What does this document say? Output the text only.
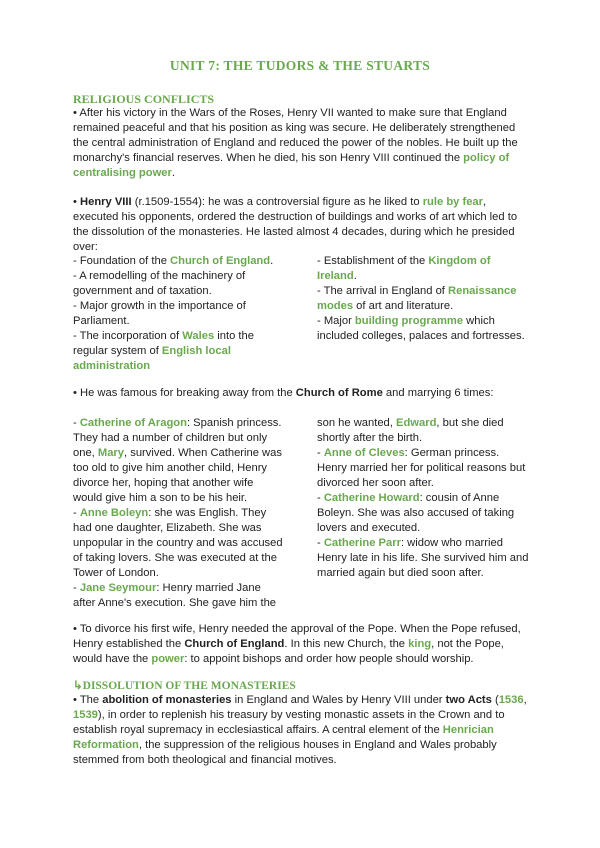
UNIT 7: THE TUDORS & THE STUARTS
RELIGIOUS CONFLICTS
• After his victory in the Wars of the Roses, Henry VII wanted to make sure that England remained peaceful and that his position as king was secure. He deliberately strengthened the central administration of England and reduced the power of the nobles. He built up the monarchy's financial reserves. When he died, his son Henry VIII continued the policy of centralising power.
• Henry VIII (r.1509-1554): he was a controversial figure as he liked to rule by fear, executed his opponents, ordered the destruction of buildings and works of art which led to the dissolution of the monasteries. He lasted almost 4 decades, during which he presided over:
- Foundation of the Church of England.
- A remodelling of the machinery of government and of taxation.
- Major growth in the importance of Parliament.
- The incorporation of Wales into the regular system of English local administration
- Establishment of the Kingdom of Ireland.
- The arrival in England of Renaissance modes of art and literature.
- Major building programme which included colleges, palaces and fortresses.
• He was famous for breaking away from the Church of Rome and marrying 6 times:
- Catherine of Aragon: Spanish princess. They had a number of children but only one, Mary, survived. When Catherine was too old to give him another child, Henry divorce her, hoping that another wife would give him a son to be his heir.
- Anne Boleyn: she was English. They had one daughter, Elizabeth. She was unpopular in the country and was accused of taking lovers. She was executed at the Tower of London.
- Jane Seymour: Henry married Jane after Anne's execution. She gave him the
son he wanted, Edward, but she died shortly after the birth.
- Anne of Cleves: German princess. Henry married her for political reasons but divorced her soon after.
- Catherine Howard: cousin of Anne Boleyn. She was also accused of taking lovers and executed.
- Catherine Parr: widow who married Henry late in his life. She survived him and married again but died soon after.
• To divorce his first wife, Henry needed the approval of the Pope. When the Pope refused, Henry established the Church of England. In this new Church, the king, not the Pope, would have the power: to appoint bishops and order how people should worship.
↳DISSOLUTION OF THE MONASTERIES
• The abolition of monasteries in England and Wales by Henry VIII under two Acts (1536, 1539), in order to replenish his treasury by vesting monastic assets in the Crown and to establish royal supremacy in ecclesiastical affairs. A central element of the Henrician Reformation, the suppression of the religious houses in England and Wales probably stemmed from both theological and financial motives.
